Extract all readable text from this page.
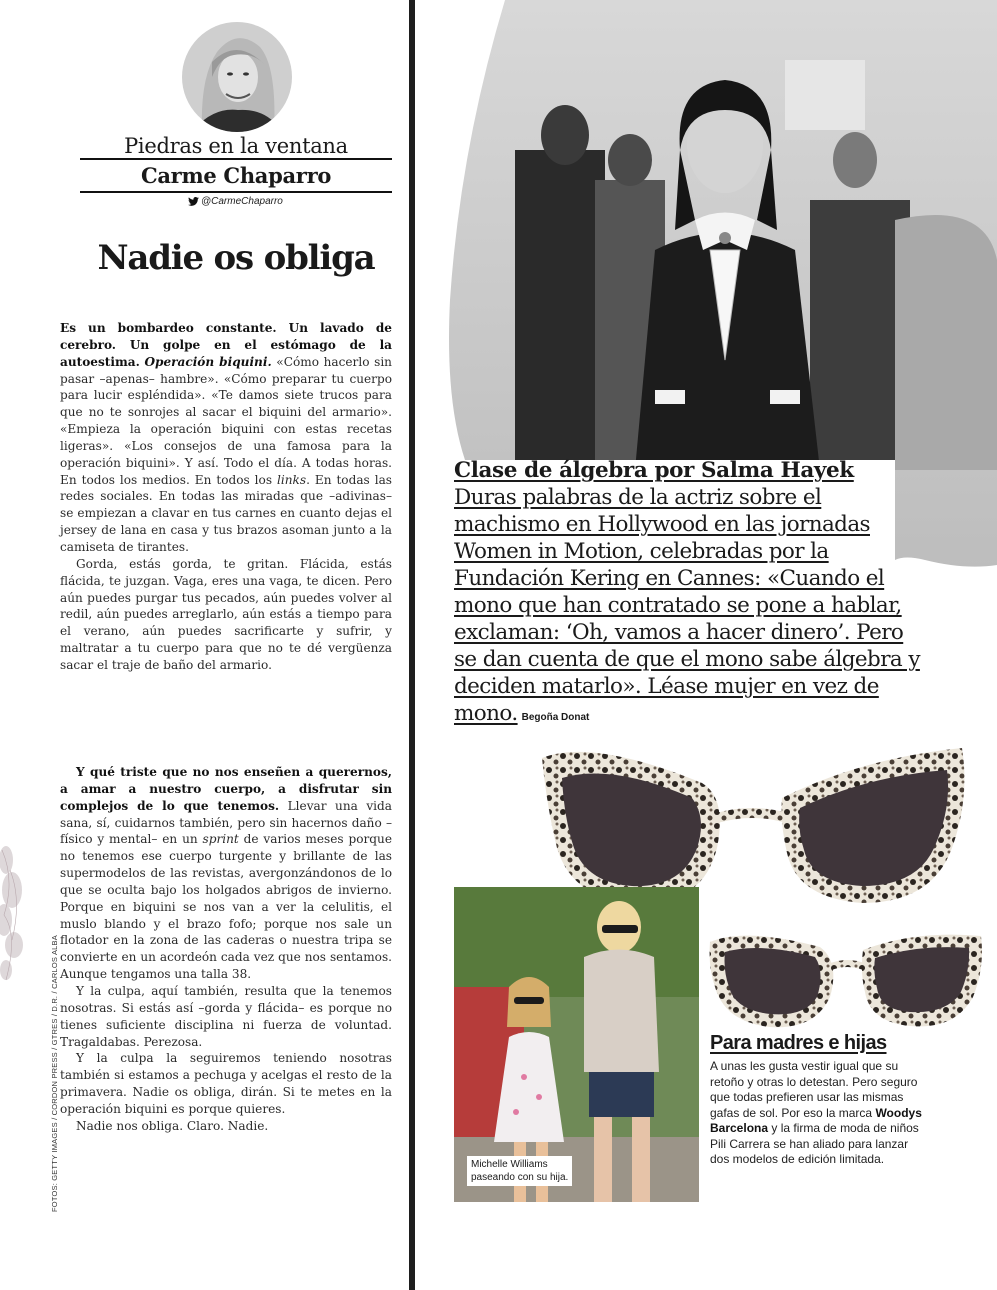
Piedras en la ventana
Carme Chaparro
@CarmeChaparro
Nadie os obliga

Es un bombardeo constante. Un lavado de cerebro. Un golpe en el estómago de la autoestima. Operación biquini. «Cómo hacerlo sin pasar –apenas– hambre». «Cómo preparar tu cuerpo para lucir espléndida». «Te damos siete trucos para que no te sonrojes al sacar el biquini del armario». «Empieza la operación biquini con estas recetas ligeras». «Los consejos de una famosa para la operación biquini». Y así. Todo el día. A todas horas. En todos los medios. En todos los links. En todas las redes sociales. En todas las miradas que –adivinas– se empiezan a clavar en tus carnes en cuanto dejas el jersey de lana en casa y tus brazos asoman junto a la camiseta de tirantes.

Gorda, estás gorda, te gritan. Flácida, estás flácida, te juzgan. Vaga, eres una vaga, te dicen. Pero aún puedes purgar tus pecados, aún puedes volver al redil, aún puedes arreglarlo, aún estás a tiempo para el verano, aún puedes sacrificarte y sufrir, y maltratar a tu cuerpo para que no te dé vergüenza sacar el traje de baño del armario.

Y qué triste que no nos enseñen a querernos, a amar a nuestro cuerpo, a disfrutar sin complejos de lo que tenemos. Llevar una vida sana, sí, cuidarnos también, pero sin hacernos daño –físico y mental– en un sprint de varios meses porque no tenemos ese cuerpo turgente y brillante de las supermodelos de las revistas, avergonzándonos de lo que se oculta bajo los holgados abrigos de invierno. Porque en biquini se nos van a ver la celulitis, el muslo blando y el brazo fofo; porque nos sale un flotador en la zona de las caderas o nuestra tripa se convierte en un acordeón cada vez que nos sentamos. Aunque tengamos una talla 38.

Y la culpa, aquí también, resulta que la tenemos nosotras. Si estás así –gorda y flácida– es porque no tienes suficiente disciplina ni fuerza de voluntad. Tragaldabas. Perezosa.

Y la culpa la seguiremos teniendo nosotras también si estamos a pechuga y acelgas el resto de la primavera. Nadie os obliga, dirán. Si te metes en la operación biquini es porque quieres.

Nadie nos obliga. Claro. Nadie.

FOTOS: GETTY IMAGES / CORDON PRESS / GTRES / D.R. / CARLOS ALBA
Clase de álgebra por Salma Hayek
Duras palabras de la actriz sobre el machismo en Hollywood en las jornadas Women in Motion, celebradas por la Fundación Kering en Cannes: «Cuando el mono que han contratado se pone a hablar, exclaman: ‘Oh, vamos a hacer dinero’. Pero se dan cuenta de que el mono sabe álgebra y deciden matarlo». Léase mujer en vez de mono. Begoña Donat
Michelle Williams
paseando con su hija.
Para madres e hijas
A unas les gusta vestir igual que su retoño y otras lo detestan. Pero seguro que todas prefieren usar las mismas gafas de sol. Por eso la marca Woodys Barcelona y la firma de moda de niños Pili Carrera se han aliado para lanzar dos modelos de edición limitada.
